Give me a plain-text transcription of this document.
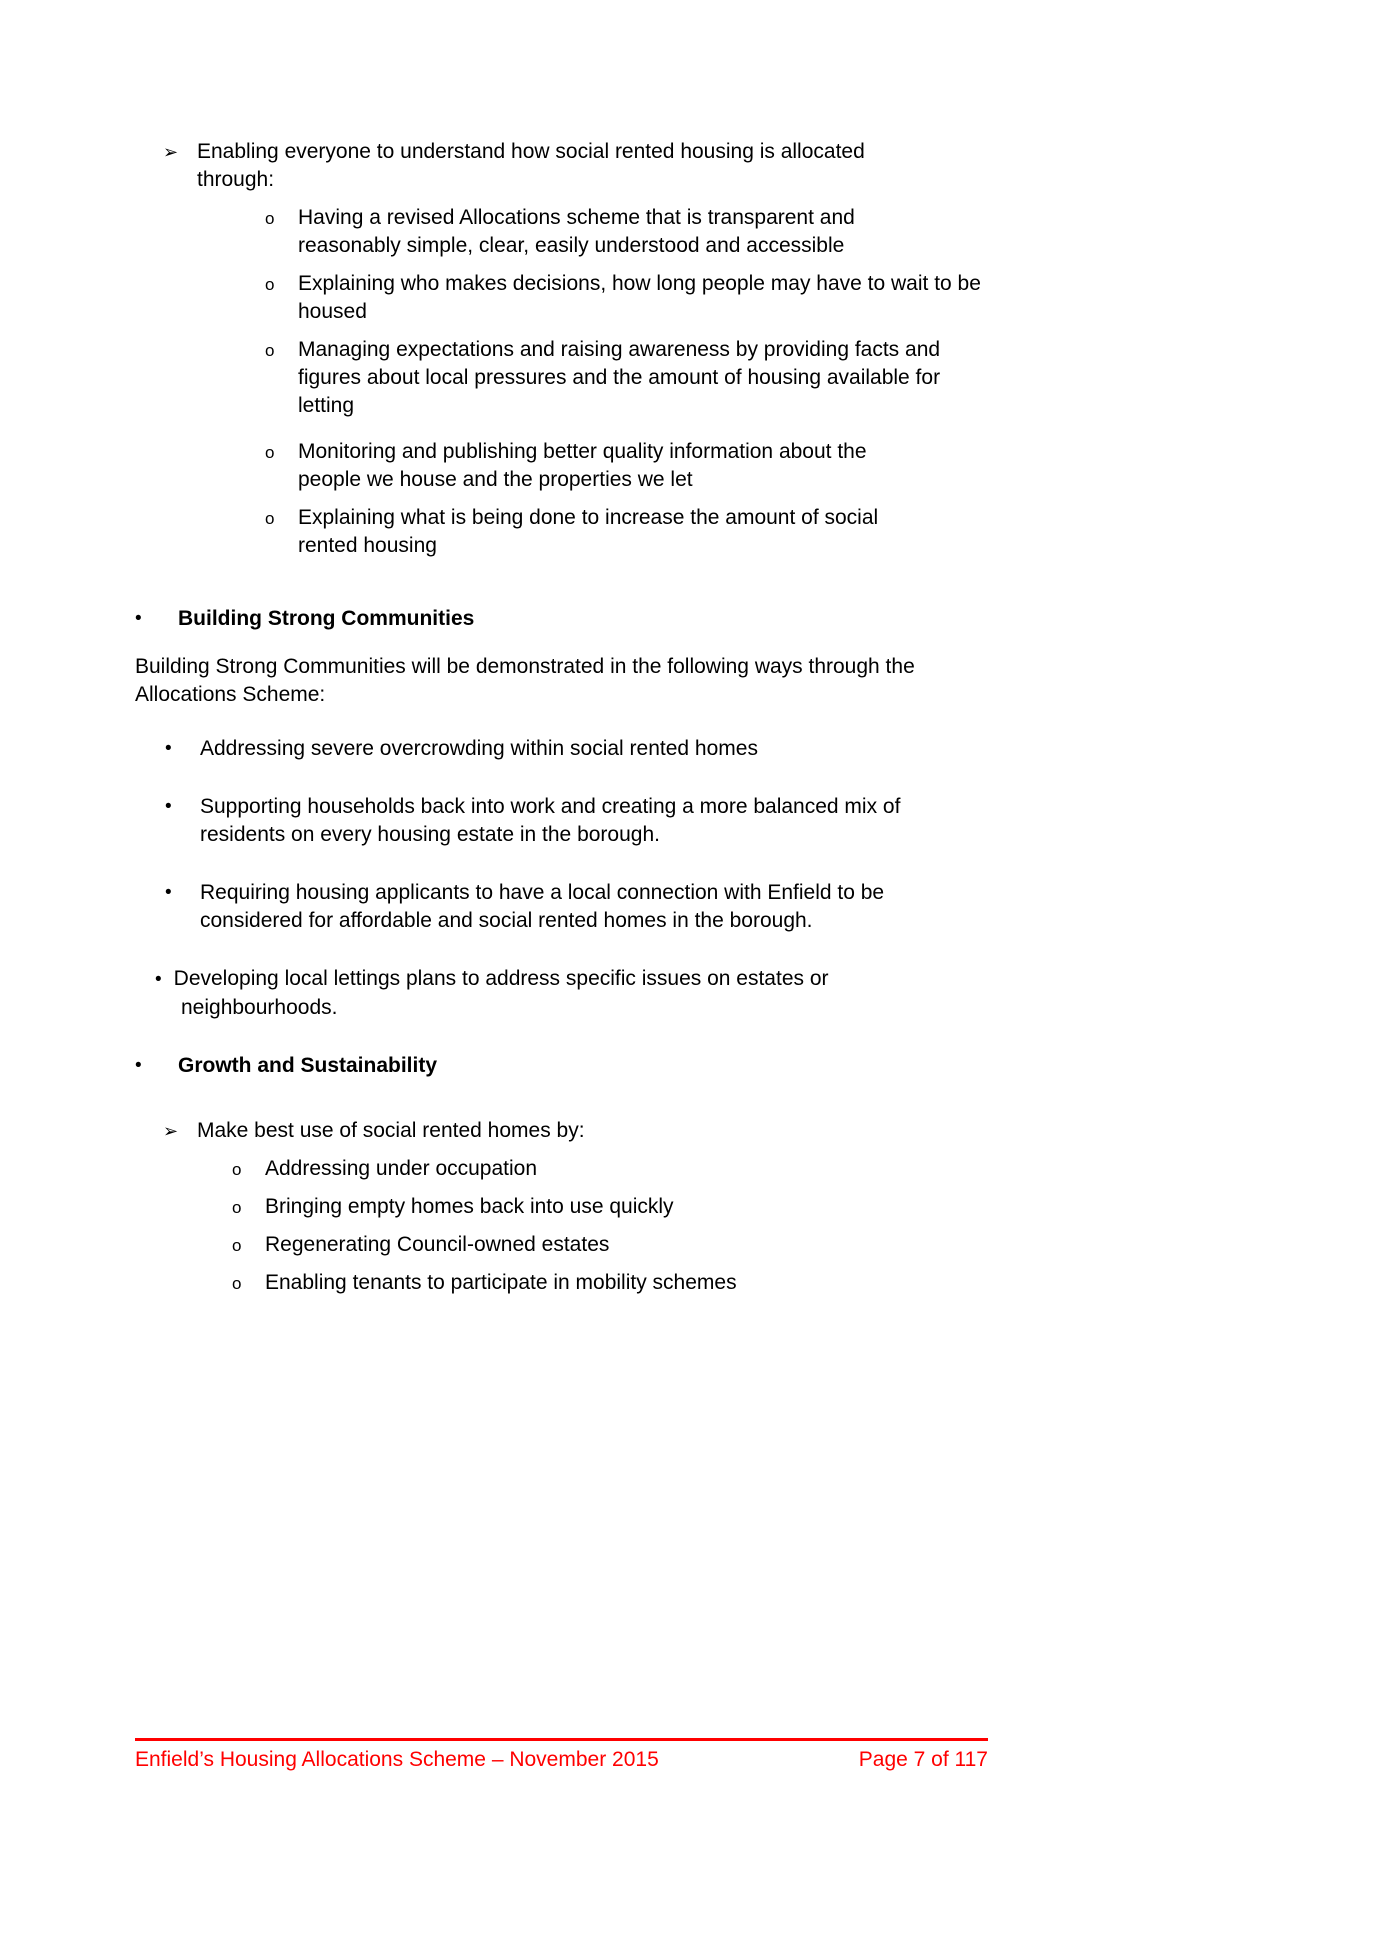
➢ Enabling everyone to understand how social rented housing is allocated through:
o	Having a revised Allocations scheme that is transparent and reasonably simple, clear, easily understood and accessible
o	Explaining who makes decisions, how long people may have to wait to be housed
o	Managing expectations and raising awareness by providing facts and figures about local pressures and the amount of housing available for letting
o	Monitoring and publishing better quality information about the people we house and the properties we let
o	Explaining what is being done to increase the amount of social rented housing
•	Building Strong Communities

Building Strong Communities will be demonstrated in the following ways through the Allocations Scheme:

•	Addressing severe overcrowding within social rented homes
•	Supporting households back into work and creating a more balanced mix of residents on every housing estate in the borough.
•	Requiring housing applicants to have a local connection with Enfield to be considered for affordable and social rented homes in the borough.

• Developing local lettings plans to address specific issues on estates or neighbourhoods.

•	Growth and Sustainability
➢ Make best use of social rented homes by:
o	Addressing under occupation
o	Bringing empty homes back into use quickly
o	Regenerating Council-owned estates
o	Enabling tenants to participate in mobility schemes
Enfield’s Housing Allocations Scheme – November 2015	Page 7 of 117
